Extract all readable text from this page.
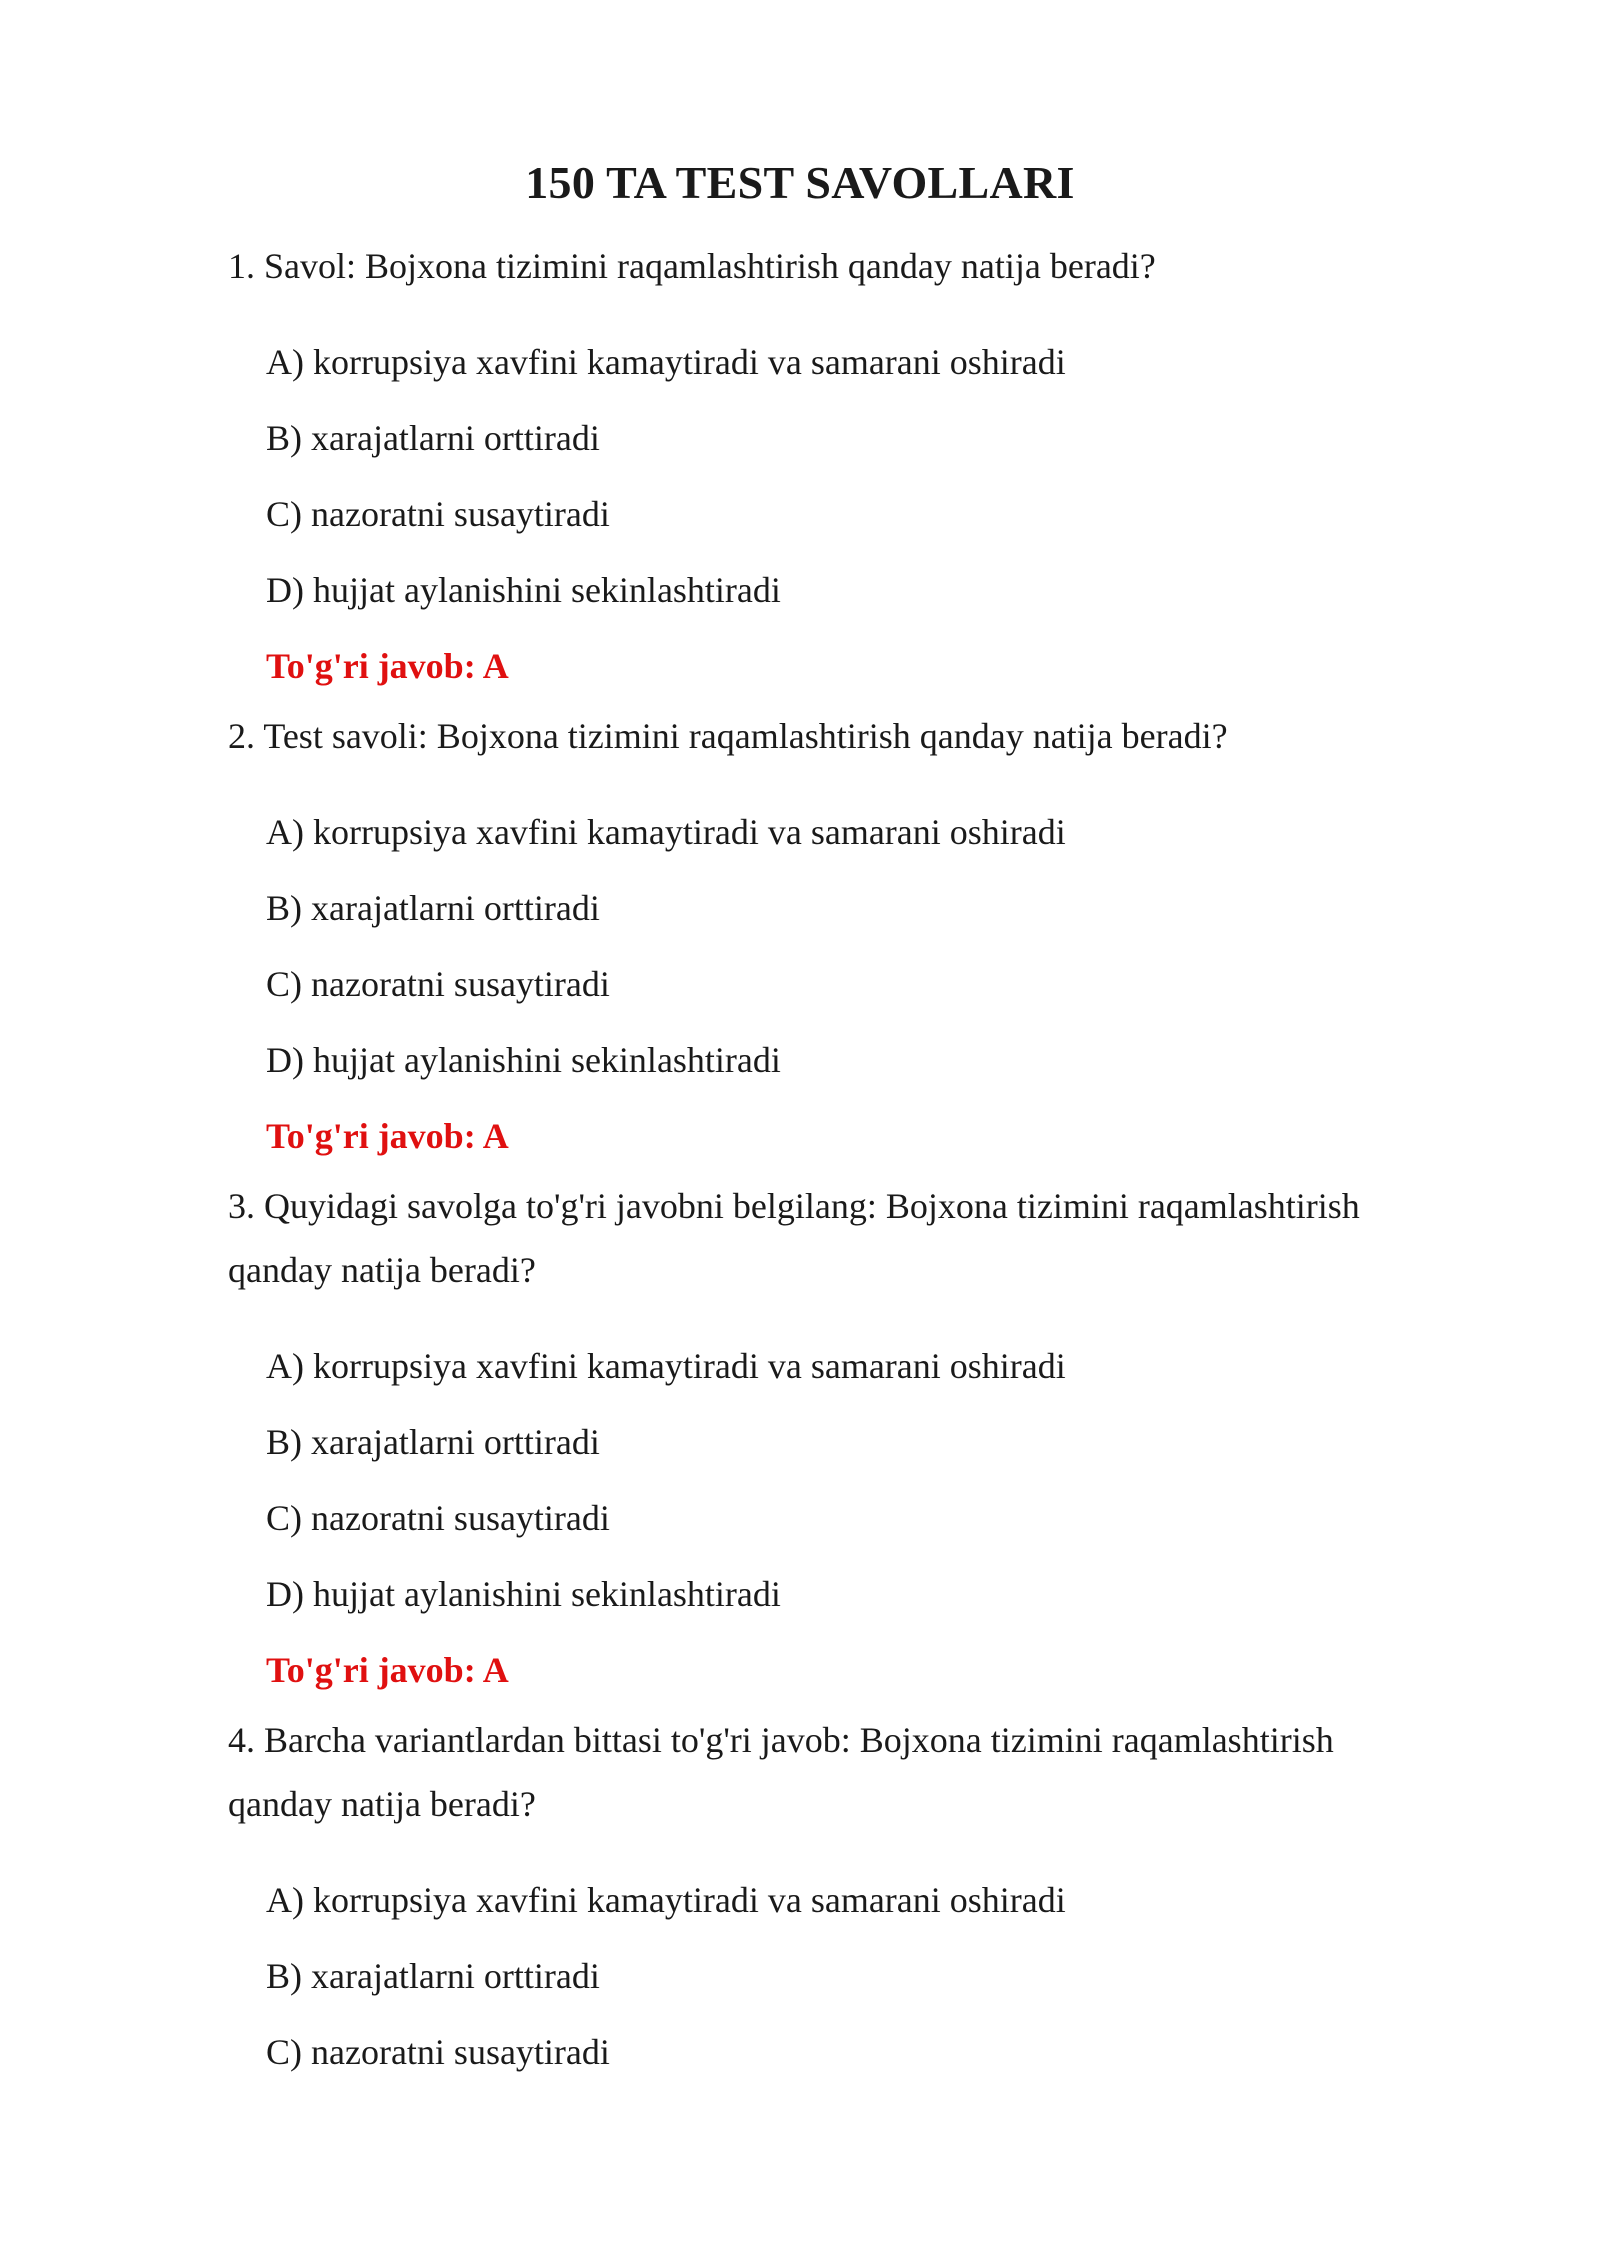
150 TA TEST SAVOLLARI
1. Savol: Bojxona tizimini raqamlashtirish qanday natija beradi?
A) korrupsiya xavfini kamaytiradi va samarani oshiradi
B) xarajatlarni orttiradi
C) nazoratni susaytiradi
D) hujjat aylanishini sekinlashtiradi
To'g'ri javob: A
2. Test savoli: Bojxona tizimini raqamlashtirish qanday natija beradi?
A) korrupsiya xavfini kamaytiradi va samarani oshiradi
B) xarajatlarni orttiradi
C) nazoratni susaytiradi
D) hujjat aylanishini sekinlashtiradi
To'g'ri javob: A
3. Quyidagi savolga to'g'ri javobni belgilang: Bojxona tizimini raqamlashtirish qanday natija beradi?
A) korrupsiya xavfini kamaytiradi va samarani oshiradi
B) xarajatlarni orttiradi
C) nazoratni susaytiradi
D) hujjat aylanishini sekinlashtiradi
To'g'ri javob: A
4. Barcha variantlardan bittasi to'g'ri javob: Bojxona tizimini raqamlashtirish qanday natija beradi?
A) korrupsiya xavfini kamaytiradi va samarani oshiradi
B) xarajatlarni orttiradi
C) nazoratni susaytiradi
